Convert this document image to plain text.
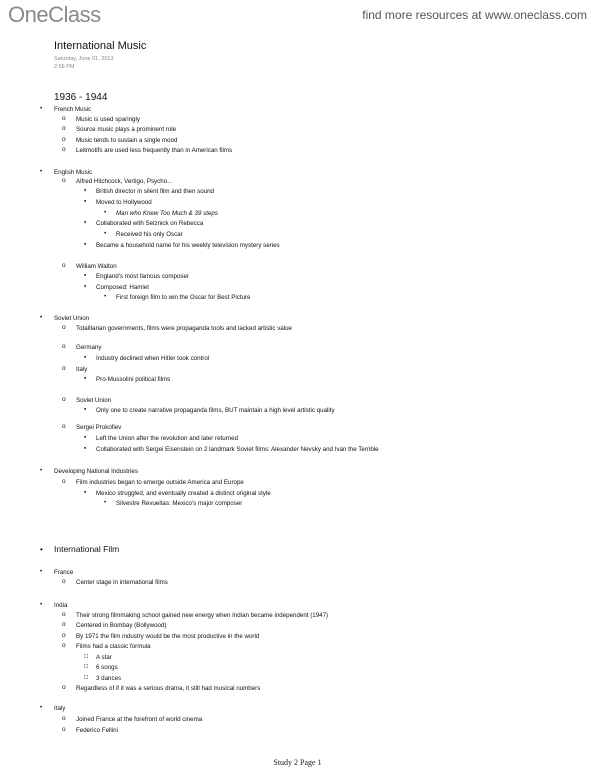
OneClass	find more resources at www.oneclass.com
International Music
Saturday, June 01, 2013
2:56 PM
1936 - 1944
• International Film
• French Music
o Music is used sparingly
o Source music plays a prominent role
o Music tends to sustain a single mood
o Leitmotifs are used less frequently than in American films
• English Music
o Alfred Hitchcock, Vertigo, Psycho...
▪ British director in silent film and then sound
▪ Moved to Hollywood
• Man who Knew Too Much & 39 steps
▪ Collaborated with Selznick on Rebecca
• Received his only Oscar
▪ Became a household name for his weekly television mystery series
o William Walton
▪ England's most famous composer
▪ Composed: Hamlet
• First foreign film to win the Oscar for Best Picture
• Soviet Union
o Totalitarian governments, films were propaganda tools and lacked artistic value
o Germany
▪ Industry declined when Hitler took control
o Italy
▪ Pro-Mussolini political films
o Soviet Union
▪ Only one to create narrative propaganda films, BUT maintain a high level artistic quality
o Sergei Prokofiev
▪ Left the Union after the revolution and later returned
▪ Collaborated with Sergei Eisenstein on 2 landmark Soviet films: Alexander Nevsky and Ivan the Terrible
• Developing National Industries
o Film industries began to emerge outside America and Europe
▪ Mexico struggled, and eventually created a distinct original style
• Silvestre Revueltas: Mexico's major composer
• France
o Center stage in international films
• India
o Their strong filmmaking school gained new energy when Indian became independent (1947)
o Centered in Bombay (Bollywood)
o By 1971 the film industry would be the most productive in the world
o Films had a classic formula
□ A star
□ 6 songs
□ 3 dances
o Regardless of if it was a serious drama, it still had musical numbers
• Italy
o Joined France at the forefront of world cinema
o Federico Fellini
Study 2 Page 1
